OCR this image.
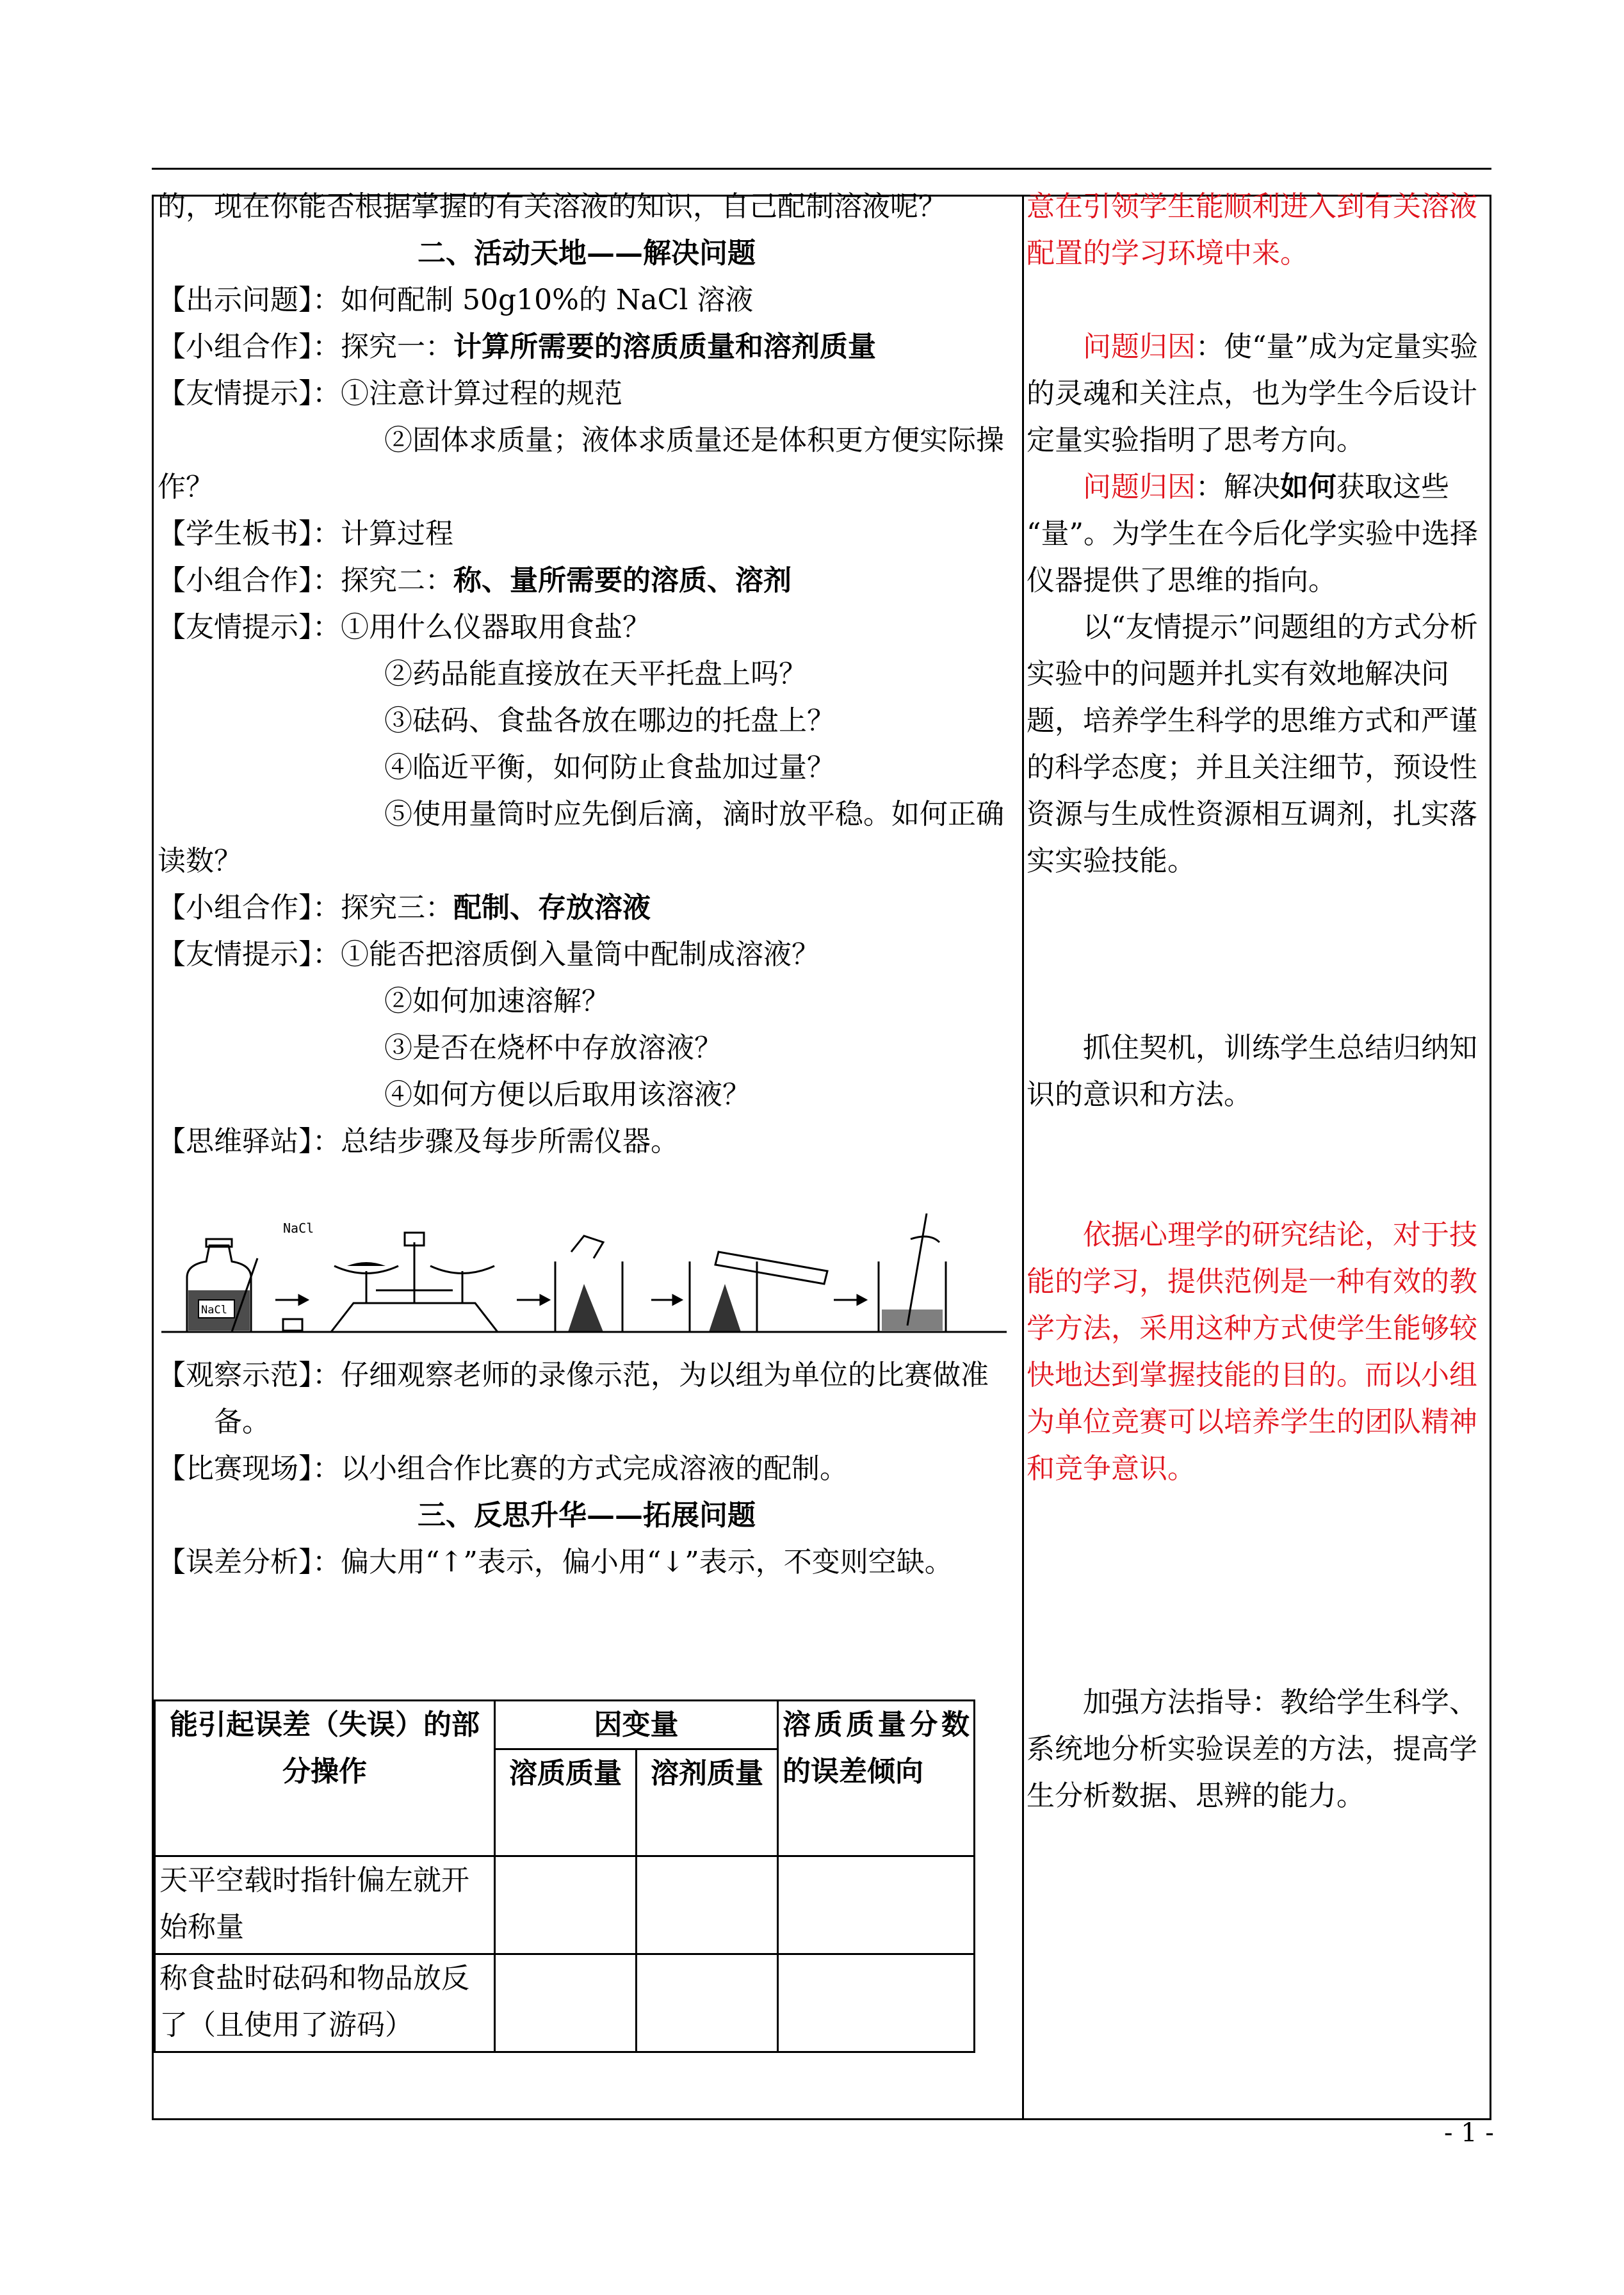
的，现在你能否根据掌握的有关溶液的知识，自己配制溶液呢？

二、活动天地——解决问题

【出示问题】：如何配制 50g10%的 NaCl 溶液

【小组合作】：探究一：计算所需要的溶质质量和溶剂质量

【友情提示】：①注意计算过程的规范

②固体求质量；液体求质量还是体积更方便实际操作？

【学生板书】：计算过程

【小组合作】：探究二：称、量所需要的溶质、溶剂

【友情提示】：①用什么仪器取用食盐？

②药品能直接放在天平托盘上吗？

③砝码、食盐各放在哪边的托盘上？

④临近平衡，如何防止食盐加过量？

⑤使用量筒时应先倒后滴，滴时放平稳。如何正确读数？

【小组合作】：探究三：配制、存放溶液

【友情提示】：①能否把溶质倒入量筒中配制成溶液？

②如何加速溶解？

③是否在烧杯中存放溶液？

④如何方便以后取用该溶液？

【思维驿站】：总结步骤及每步所需仪器。

【观察示范】：仔细观察老师的录像示范，为以组为单位的比赛做准备。

【比赛现场】：以小组合作比赛的方式完成溶液的配制。

三、反思升华——拓展问题

【误差分析】：偏大用“↑”表示，偏小用“↓”表示，不变则空缺。

NaCl
NaCl
能引起误差（失误）的部分操作	因变量		溶质质量分数的误差倾向
	溶质质量	溶剂质量	
天平空载时指针偏左就开始称量			
称食盐时砝码和物品放反了（且使用了游码）			

意在引领学生能顺利进入到有关溶液配置的学习环境中来。

问题归因：使“量”成为定量实验的灵魂和关注点，也为学生今后设计定量实验指明了思考方向。

问题归因：解决如何获取这些 “量”。为学生在今后化学实验中选择仪器提供了思维的指向。

以“友情提示”问题组的方式分析实验中的问题并扎实有效地解决问题，培养学生科学的思维方式和严谨的科学态度；并且关注细节，预设性资源与生成性资源相互调剂，扎实落实实验技能。

抓住契机，训练学生总结归纳知识的意识和方法。

依据心理学的研究结论，对于技能的学习，提供范例是一种有效的教学方法，采用这种方式使学生能够较快地达到掌握技能的目的。而以小组为单位竞赛可以培养学生的团队精神和竞争意识。

加强方法指导：教给学生科学、系统地分析实验误差的方法，提高学生分析数据、思辨的能力。

- 1 -
